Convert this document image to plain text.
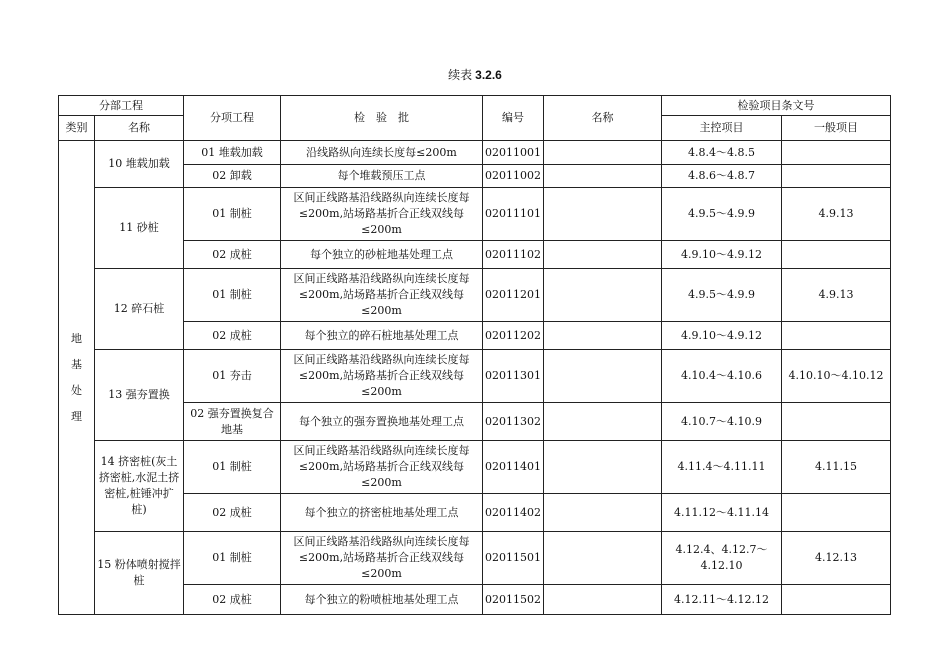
续表 3.2.6
分部工程		分项工程	检　验　批	编号	名称	检验项目条文号	
类别	名称					主控项目	一般项目

地
基
处
理	10 堆载加载	01 堆载加载	沿线路纵向连续长度每≤200m	02011001		4.8.4～4.8.5	
		02 卸载	每个堆载预压工点	02011002		4.8.6～4.8.7	
	11 砂桩	01 制桩	区间正线路基沿线路纵向连续长度每≤200m,站场路基折合正线双线每≤200m	02011101		4.9.5～4.9.9	4.9.13
		02 成桩	每个独立的砂桩地基处理工点	02011102		4.9.10～4.9.12	
	12 碎石桩	01 制桩	区间正线路基沿线路纵向连续长度每≤200m,站场路基折合正线双线每≤200m	02011201		4.9.5～4.9.9	4.9.13
		02 成桩	每个独立的碎石桩地基处理工点	02011202		4.9.10～4.9.12	
	13 强夯置换	01 夯击	区间正线路基沿线路纵向连续长度每≤200m,站场路基折合正线双线每≤200m	02011301		4.10.4～4.10.6	4.10.10～4.10.12
		02 强夯置换复合地基	每个独立的强夯置换地基处理工点	02011302		4.10.7～4.10.9	
	14 挤密桩(灰土挤密桩,水泥土挤密桩,桩锤冲扩桩)	01 制桩	区间正线路基沿线路纵向连续长度每≤200m,站场路基折合正线双线每≤200m	02011401		4.11.4～4.11.11	4.11.15
		02 成桩	每个独立的挤密桩地基处理工点	02011402		4.11.12～4.11.14	
	15 粉体喷射搅拌桩	01 制桩	区间正线路基沿线路纵向连续长度每≤200m,站场路基折合正线双线每≤200m	02011501		4.12.4、4.12.7～4.12.10	4.12.13
		02 成桩	每个独立的粉喷桩地基处理工点	02011502		4.12.11～4.12.12	
